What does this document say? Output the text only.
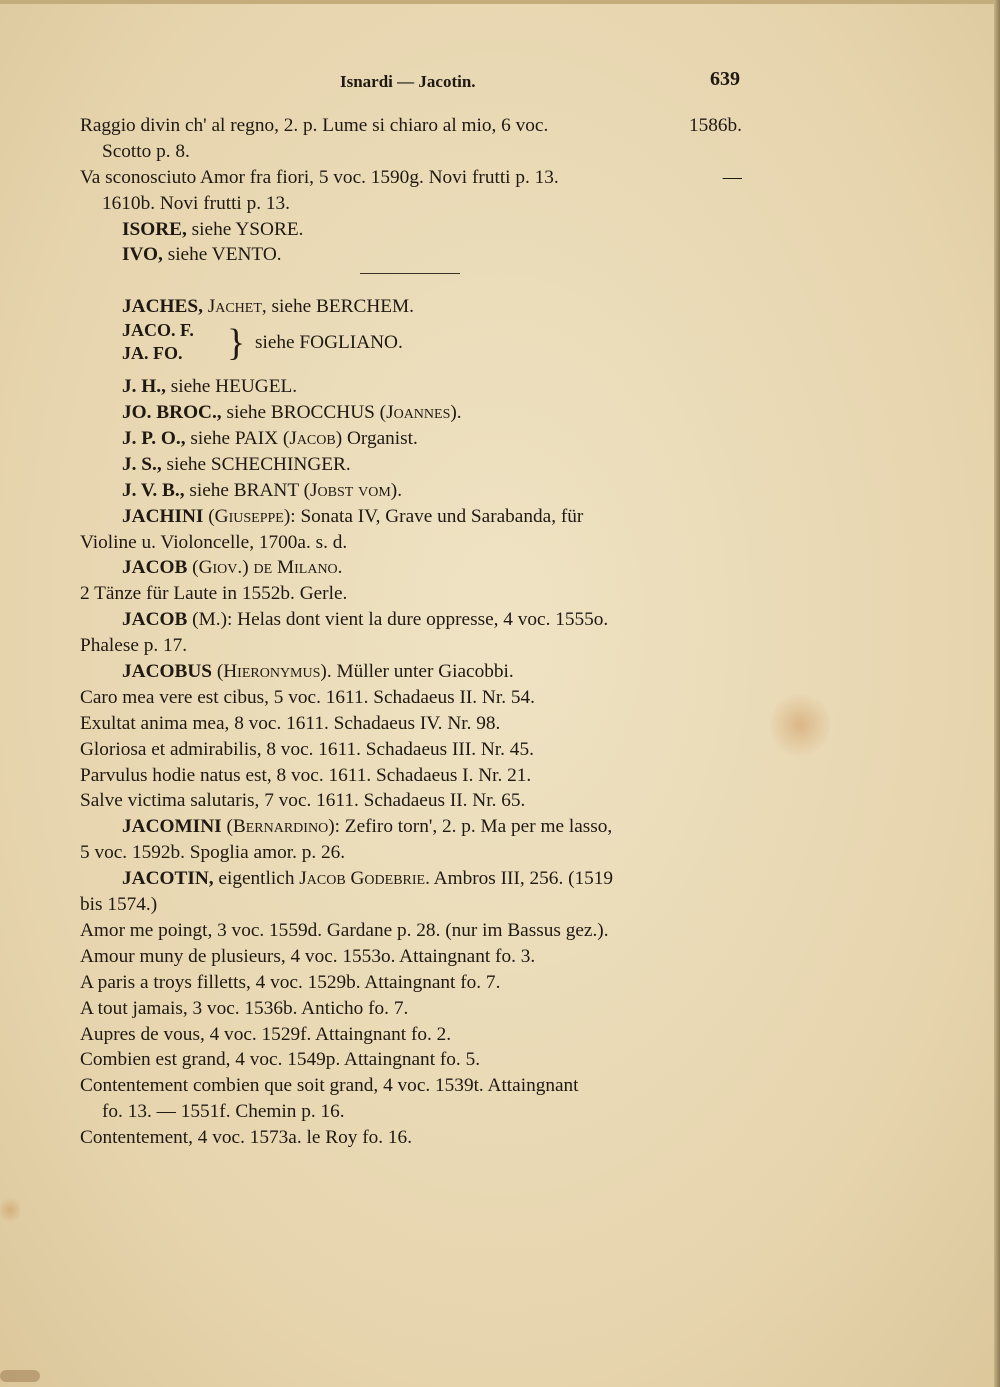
Isnardi — Jacotin.	639
Raggio divin ch' al regno, 2. p. Lume si chiaro al mio, 6 voc.	1586b.
Scotto p. 8.
Va sconosciuto Amor fra fiori, 5 voc. 1590g. Novi frutti p. 13.	—
1610b. Novi frutti p. 13.
ISORE, siehe YSORE.
IVO, siehe VENTO.
JACHES, Jachet, siehe BERCHEM.
JACO. F.
JA. FO. } siehe FOGLIANO.
J. H., siehe HEUGEL.
JO. BROC., siehe BROCCHUS (Joannes).
J. P. O., siehe PAIX (Jacob) Organist.
J. S., siehe SCHECHINGER.
J. V. B., siehe BRANT (Jobst vom).
JACHINI (Giuseppe): Sonata IV, Grave und Sarabanda, für
Violine u. Violoncelle, 1700a. s. d.
JACOB (Giov.) de Milano.
2 Tänze für Laute in 1552b. Gerle.
JACOB (M.): Helas dont vient la dure oppresse, 4 voc. 1555o.
Phalese p. 17.
JACOBUS (Hieronymus). Müller unter Giacobbi.
Caro mea vere est cibus, 5 voc. 1611. Schadaeus II. Nr. 54.
Exultat anima mea, 8 voc. 1611. Schadaeus IV. Nr. 98.
Gloriosa et admirabilis, 8 voc. 1611. Schadaeus III. Nr. 45.
Parvulus hodie natus est, 8 voc. 1611. Schadaeus I. Nr. 21.
Salve victima salutaris, 7 voc. 1611. Schadaeus II. Nr. 65.
JACOMINI (Bernardino): Zefiro torn', 2. p. Ma per me lasso,
5 voc. 1592b. Spoglia amor. p. 26.
JACOTIN, eigentlich Jacob Godebrie. Ambros III, 256. (1519
bis 1574.)
Amor me poingt, 3 voc. 1559d. Gardane p. 28. (nur im Bassus gez.).
Amour muny de plusieurs, 4 voc. 1553o. Attaingnant fo. 3.
A paris a troys filletts, 4 voc. 1529b. Attaingnant fo. 7.
A tout jamais, 3 voc. 1536b. Anticho fo. 7.
Aupres de vous, 4 voc. 1529f. Attaingnant fo. 2.
Combien est grand, 4 voc. 1549p. Attaingnant fo. 5.
Contentement combien que soit grand, 4 voc. 1539t. Attaingnant
fo. 13. — 1551f. Chemin p. 16.
Contentement, 4 voc. 1573a. le Roy fo. 16.
